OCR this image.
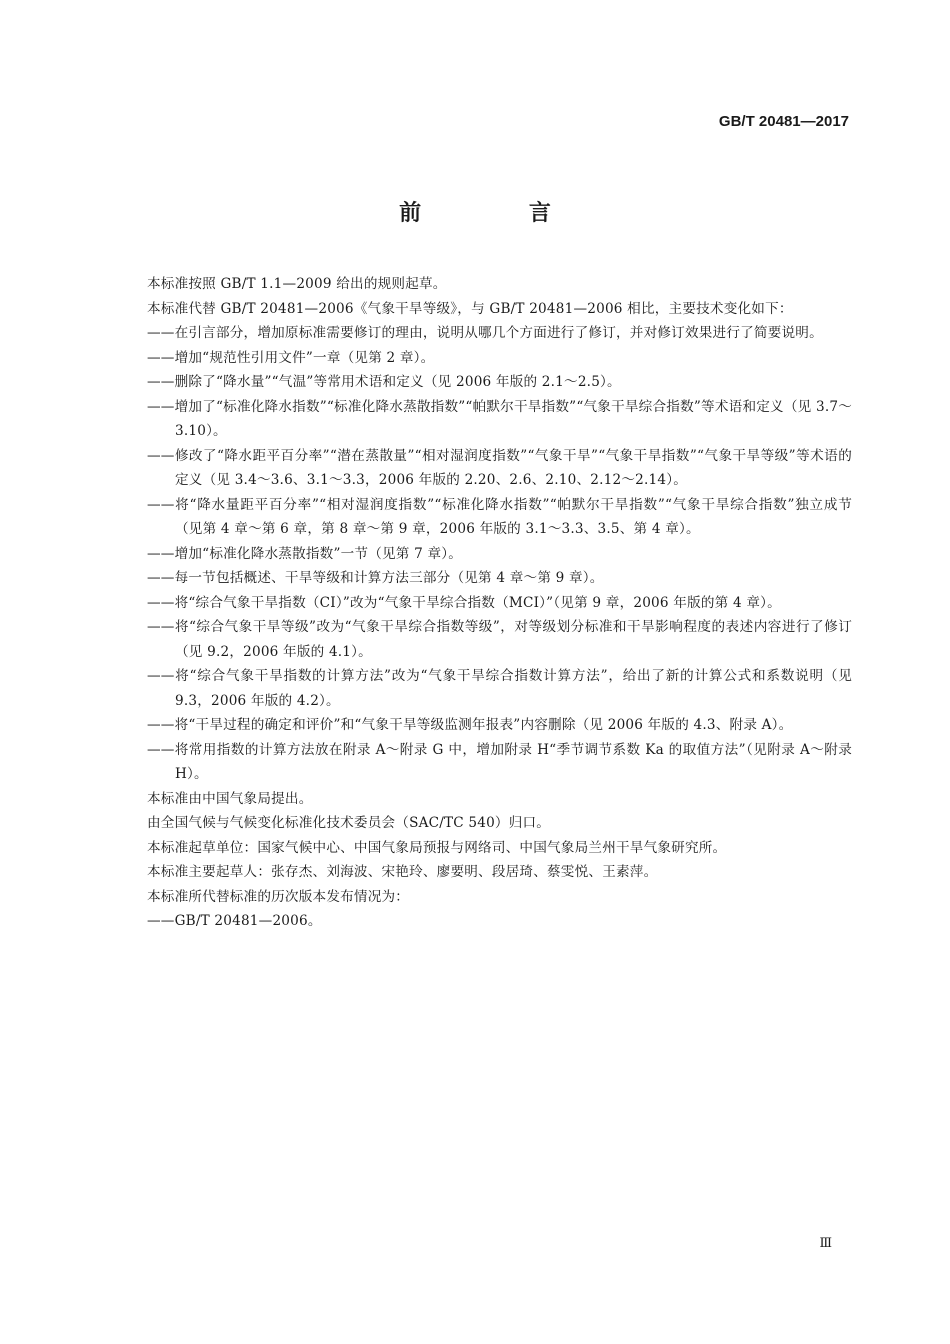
GB/T 20481—2017
前 言

本标准按照 GB/T 1.1—2009 给出的规则起草。

本标准代替 GB/T 20481—2006《气象干旱等级》，与 GB/T 20481—2006 相比，主要技术变化如下：

——在引言部分，增加原标准需要修订的理由，说明从哪几个方面进行了修订，并对修订效果进行了简要说明。

——增加“规范性引用文件”一章（见第 2 章）。

——删除了“降水量”“气温”等常用术语和定义（见 2006 年版的 2.1～2.5）。

——增加了“标准化降水指数”“标准化降水蒸散指数”“帕默尔干旱指数”“气象干旱综合指数”等术语和定义（见 3.7～3.10）。

——修改了“降水距平百分率”“潜在蒸散量”“相对湿润度指数”“气象干旱”“气象干旱指数”“气象干旱等级”等术语的定义（见 3.4～3.6、3.1～3.3，2006 年版的 2.20、2.6、2.10、2.12～2.14）。

——将“降水量距平百分率”“相对湿润度指数”“标准化降水指数”“帕默尔干旱指数”“气象干旱综合指数”独立成节（见第 4 章～第 6 章，第 8 章～第 9 章，2006 年版的 3.1～3.3、3.5、第 4 章）。

——增加“标准化降水蒸散指数”一节（见第 7 章）。

——每一节包括概述、干旱等级和计算方法三部分（见第 4 章～第 9 章）。

——将“综合气象干旱指数（CI）”改为“气象干旱综合指数（MCI）”（见第 9 章，2006 年版的第 4 章）。

——将“综合气象干旱等级”改为“气象干旱综合指数等级”，对等级划分标准和干旱影响程度的表述内容进行了修订（见 9.2，2006 年版的 4.1）。

——将“综合气象干旱指数的计算方法”改为“气象干旱综合指数计算方法”，给出了新的计算公式和系数说明（见 9.3，2006 年版的 4.2）。

——将“干旱过程的确定和评价”和“气象干旱等级监测年报表”内容删除（见 2006 年版的 4.3、附录 A）。

——将常用指数的计算方法放在附录 A～附录 G 中，增加附录 H“季节调节系数 Ka 的取值方法”（见附录 A～附录 H）。

本标准由中国气象局提出。

由全国气候与气候变化标准化技术委员会（SAC/TC 540）归口。

本标准起草单位：国家气候中心、中国气象局预报与网络司、中国气象局兰州干旱气象研究所。

本标准主要起草人：张存杰、刘海波、宋艳玲、廖要明、段居琦、蔡雯悦、王素萍。

本标准所代替标准的历次版本发布情况为：

——GB/T 20481—2006。

Ⅲ
